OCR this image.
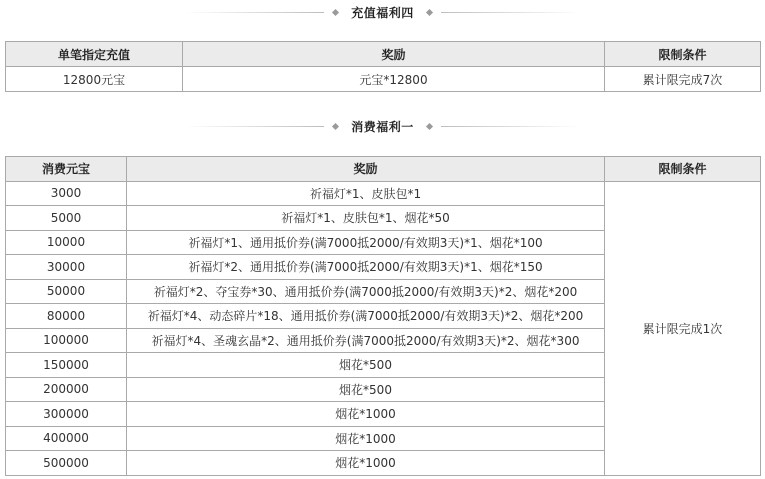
充值福利四
单笔指定充值	奖励	限制条件
12800元宝	元宝*12800	累计限完成7次
消费福利一
消费元宝	奖励	限制条件
3000	祈福灯*1、皮肤包*1	累计限完成1次
5000	祈福灯*1、皮肤包*1、烟花*50	
10000	祈福灯*1、通用抵价券(满7000抵2000/有效期3天)*1、烟花*100	
30000	祈福灯*2、通用抵价券(满7000抵2000/有效期3天)*1、烟花*150	
50000	祈福灯*2、夺宝券*30、通用抵价券(满7000抵2000/有效期3天)*2、烟花*200	
80000	祈福灯*4、动态碎片*18、通用抵价券(满7000抵2000/有效期3天)*2、烟花*200	
100000	祈福灯*4、圣魂玄晶*2、通用抵价券(满7000抵2000/有效期3天)*2、烟花*300	
150000	烟花*500	
200000	烟花*500	
300000	烟花*1000	
400000	烟花*1000	
500000	烟花*1000	
